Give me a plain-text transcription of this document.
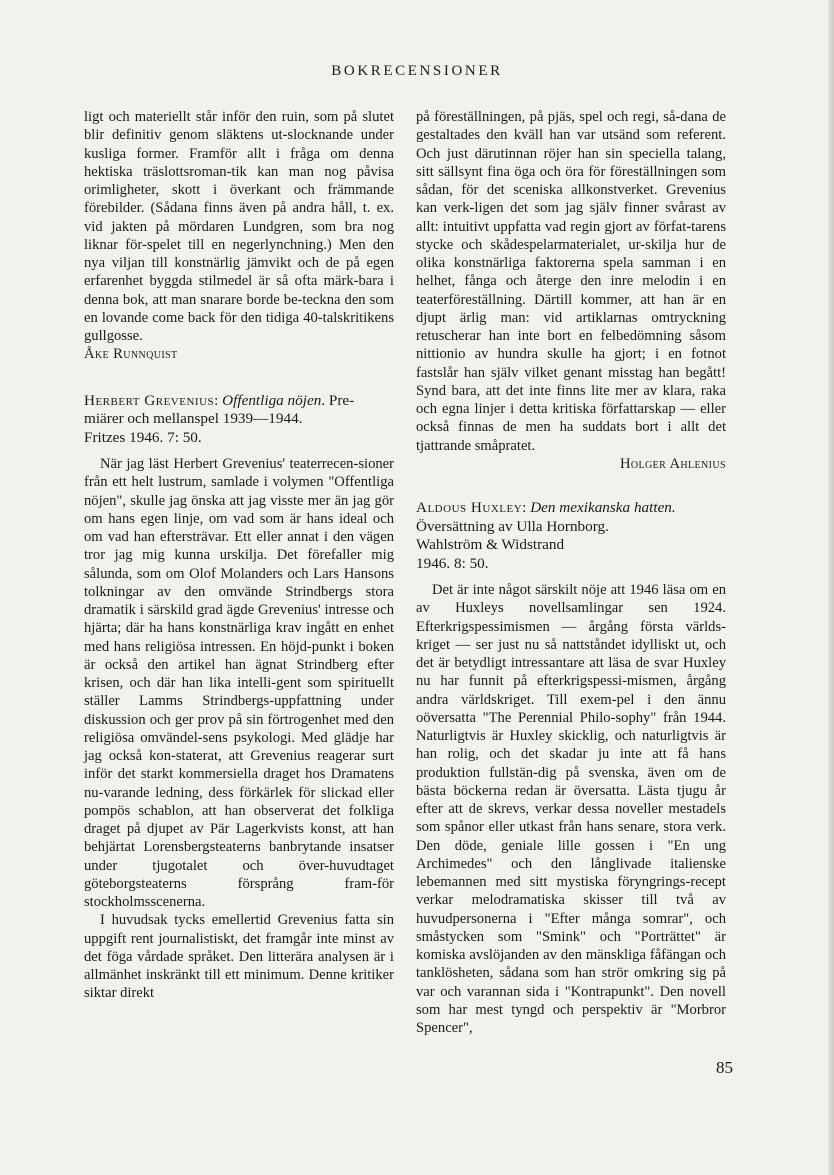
BOKRECENSIONER

ligt och materiellt står inför den ruin, som på slutet blir definitiv genom släktens ut-slocknande under kusliga former. Framför allt i fråga om denna hektiska träslottsroman-tik kan man nog påvisa orimligheter, skott i överkant och främmande förebilder. (Sådana finns även på andra håll, t. ex. vid jakten på mördaren Lundgren, som bra nog liknar för-spelet till en negerlynchning.) Men den nya viljan till konstnärlig jämvikt och de på egen erfarenhet byggda stilmedel är så ofta märk-bara i denna bok, att man snarare borde be-teckna den som en lovande come back för den tidiga 40-talskritikens gullgosse.

Åke Runnquist

Herbert Grevenius: Offentliga nöjen. Pre-
miärer och mellanspel 1939—1944.
Fritzes 1946. 7: 50.

När jag läst Herbert Grevenius' teaterrecen-sioner från ett helt lustrum, samlade i volymen "Offentliga nöjen", skulle jag önska att jag visste mer än jag gör om hans egen linje, om vad som är hans ideal och om vad han eftersträvar. Ett eller annat i den vägen tror jag mig kunna urskilja. Det förefaller mig sålunda, som om Olof Molanders och Lars Hansons tolkningar av den omvände Strindbergs stora dramatik i särskild grad ägde Grevenius' intresse och hjärta; där ha hans konstnärliga krav ingått en enhet med hans religiösa intressen. En höjd-punkt i boken är också den artikel han ägnat Strindberg efter krisen, och där han lika intelli-gent som spirituellt ställer Lamms Strindbergs-uppfattning under diskussion och ger prov på sin förtrogenhet med den religiösa omvändel-sens psykologi. Med glädje har jag också kon-staterat, att Grevenius reagerar surt inför det starkt kommersiella draget hos Dramatens nu-varande ledning, dess förkärlek för slickad eller pompös schablon, att han observerat det folkliga draget på djupet av Pär Lagerkvists konst, att han behjärtat Lorensbergsteaterns banbrytande insatser under tjugotalet och över-huvudtaget göteborgsteaterns försprång fram-för stockholmsscenerna.

I huvudsak tycks emellertid Grevenius fatta sin uppgift rent journalistiskt, det framgår inte minst av det föga vårdade språket. Den litterära analysen är i allmänhet inskränkt till ett minimum. Denne kritiker siktar direkt

på föreställningen, på pjäs, spel och regi, så-dana de gestaltades den kväll han var utsänd som referent. Och just därutinnan röjer han sin speciella talang, sitt sällsynt fina öga och öra för föreställningen som sådan, för det sceniska allkonstverket. Grevenius kan verk-ligen det som jag själv finner svårast av allt: intuitivt uppfatta vad regin gjort av förfat-tarens stycke och skådespelarmaterialet, ur-skilja hur de olika konstnärliga faktorerna spela samman i en helhet, fånga och återge den inre melodin i en teaterföreställning. Därtill kommer, att han är en djupt ärlig man: vid artiklarnas omtryckning retuscherar han inte bort en felbedömning såsom nittionio av hundra skulle ha gjort; i en fotnot fastslår han själv vilket genant misstag han begått! Synd bara, att det inte finns lite mer av klara, raka och egna linjer i detta kritiska författarskap — eller också finnas de men ha suddats bort i allt det tjattrande småpratet.

Holger Ahlenius

Aldous Huxley: Den mexikanska hatten.
Översättning av Ulla Hornborg.
Wahlström & Widstrand
1946. 8: 50.

Det är inte något särskilt nöje att 1946 läsa om en av Huxleys novellsamlingar sen 1924. Efterkrigspessimismen — årgång första världs-kriget — ser just nu så nattståndet idylliskt ut, och det är betydligt intressantare att läsa de svar Huxley nu har funnit på efterkrigspessi-mismen, årgång andra världskriget. Till exem-pel i den ännu oöversatta "The Perennial Philo-sophy" från 1944. Naturligtvis är Huxley skicklig, och naturligtvis är han rolig, och det skadar ju inte att få hans produktion fullstän-dig på svenska, även om de bästa böckerna redan är översatta. Lästa tjugu år efter att de skrevs, verkar dessa noveller mestadels som spånor eller utkast från hans senare, stora verk. Den döde, geniale lille gossen i "En ung Archimedes" och den långlivade italienske lebemannen med sitt mystiska föryngrings-recept verkar melodramatiska skisser till två av huvudpersonerna i "Efter många somrar", och småstycken som "Smink" och "Porträttet" är komiska avslöjanden av den mänskliga fåfängan och tanklösheten, sådana som han strör omkring sig på var och varannan sida i "Kontrapunkt". Den novell som har mest tyngd och perspektiv är "Morbror Spencer",

85
